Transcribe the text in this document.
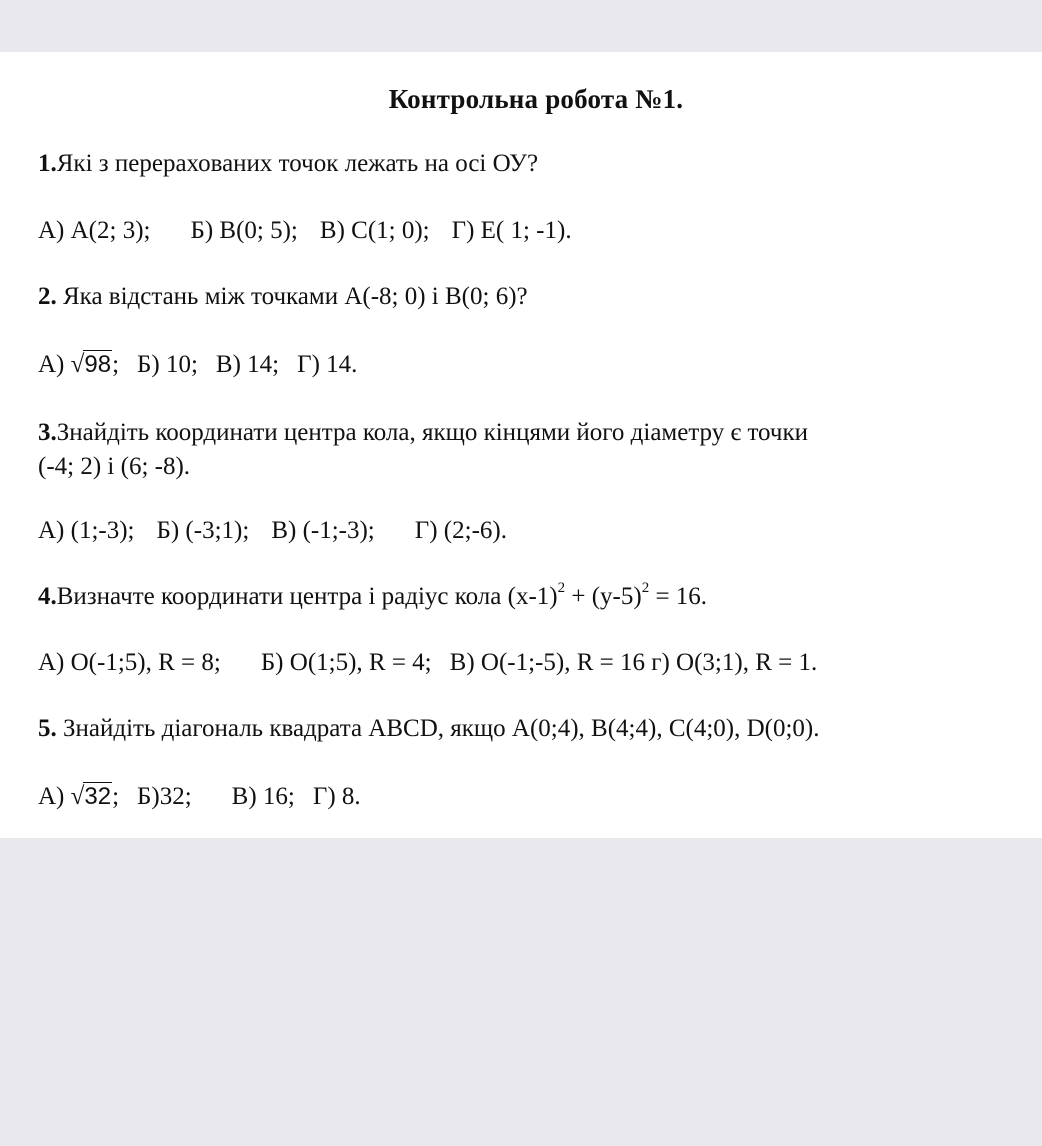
Контрольна робота №1.
1.Які з перерахованих точок лежать на осі ОУ?
А) А(2; 3); Б) В(0; 5); В) С(1; 0); Г) Е( 1; -1).
2. Яка відстань між точками А(-8; 0) і В(0; 6)?
А) √98; Б) 10; В) 14; Г) 14.
3.Знайдіть координати центра кола, якщо кінцями його діаметру є точки
(-4; 2) і (6; -8).
А) (1;-3); Б) (-3;1); В) (-1;-3); Г) (2;-6).
4.Визначте координати центра і радіус кола $(х-1)^2 + (у-5)^2 = 16$.
А) О(-1;5), R = 8; Б) О(1;5), R = 4; В) О(-1;-5), R = 16 г) О(3;1), R = 1.
5. Знайдіть діагональ квадрата АВСD, якщо А(0;4), В(4;4), С(4;0), D(0;0).
А) √32; Б)32; В) 16; Г) 8.
